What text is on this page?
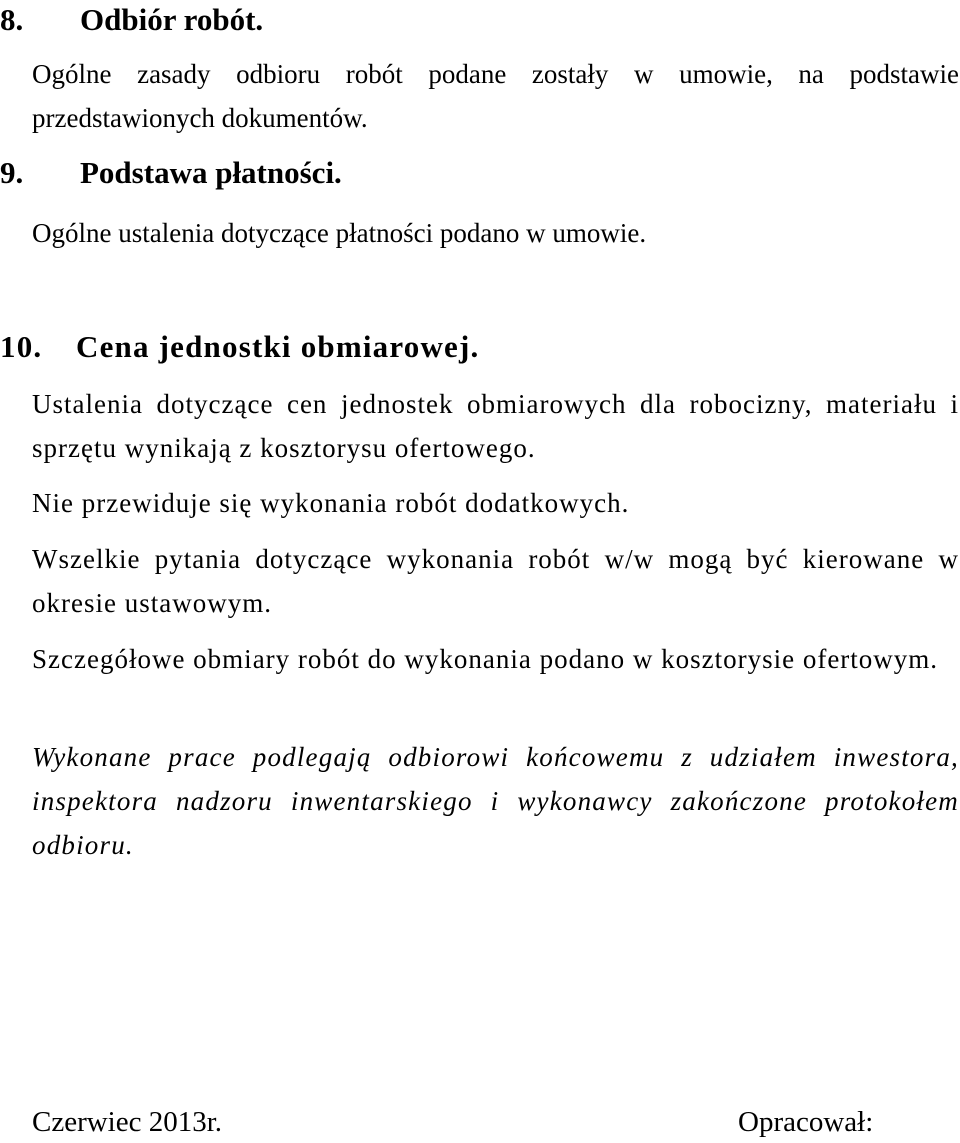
8. Odbiór robót.

Ogólne zasady odbioru robót podane zostały w umowie, na podstawie przedstawionych dokumentów.

9. Podstawa płatności.

Ogólne ustalenia dotyczące płatności podano w umowie.

10. Cena jednostki obmiarowej.

Ustalenia dotyczące cen jednostek obmiarowych dla robocizny, materiału i sprzętu wynikają z kosztorysu ofertowego.

Nie przewiduje się wykonania robót dodatkowych.

Wszelkie pytania dotyczące wykonania robót w/w mogą być kierowane w okresie ustawowym.

Szczegółowe obmiary robót do wykonania podano w kosztorysie ofertowym.

Wykonane prace podlegają odbiorowi końcowemu z udziałem inwestora, inspektora nadzoru inwentarskiego i wykonawcy zakończone protokołem odbioru.

Czerwiec 2013r.	Opracował:
